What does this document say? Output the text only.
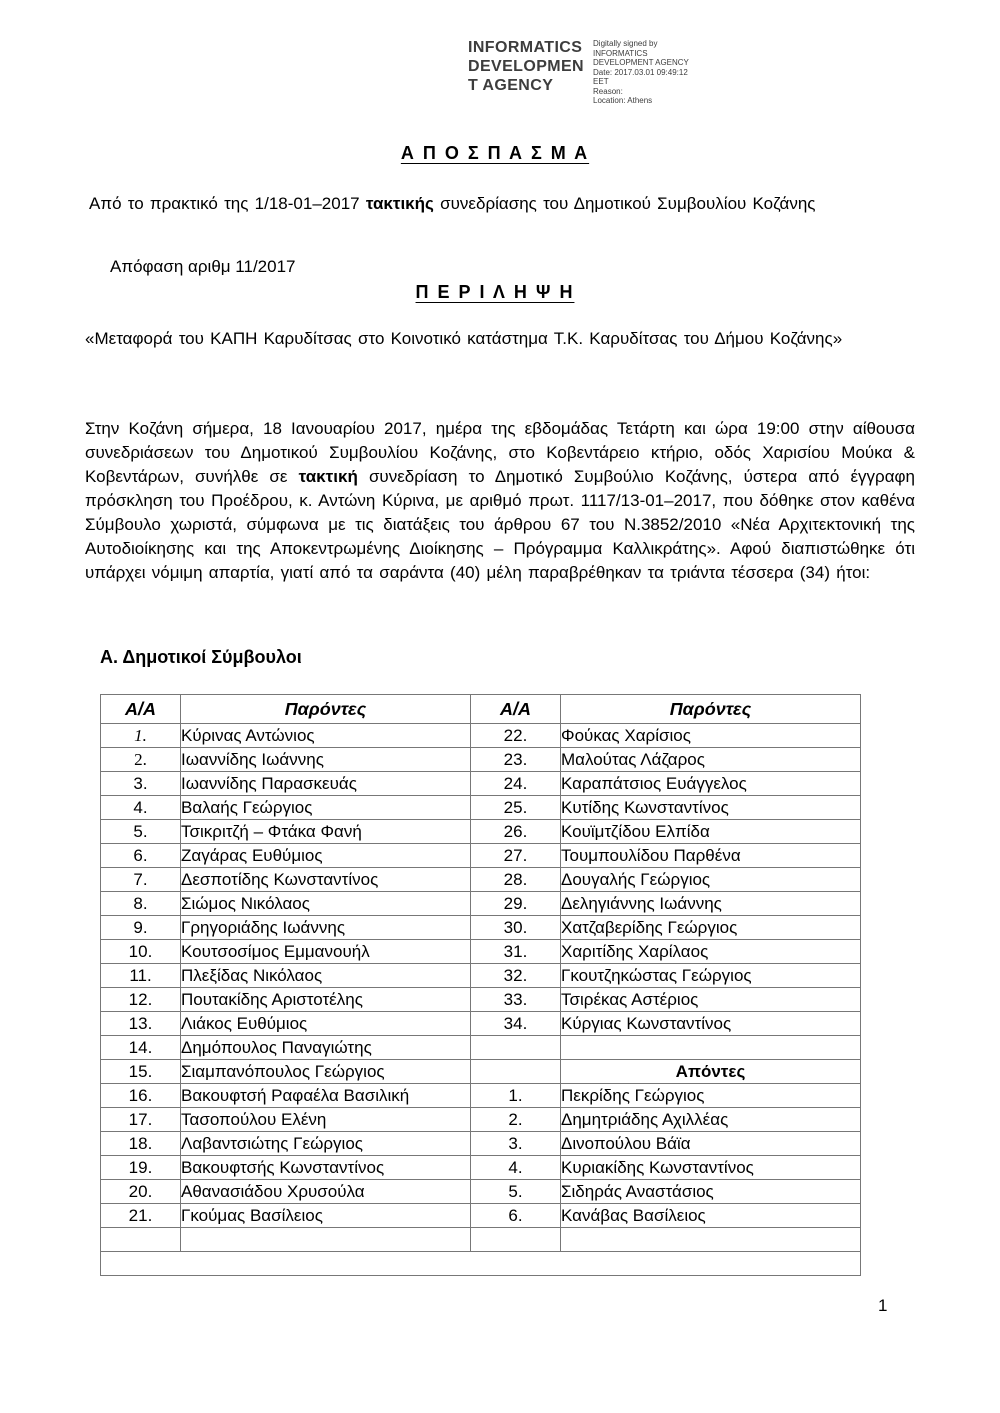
INFORMATICS
DEVELOPMEN
T AGENCY
Digitally signed by
INFORMATICS
DEVELOPMENT AGENCY
Date: 2017.03.01 09:49:12
EET
Reason:
Location: Athens
Α Π Ο Σ Π Α Σ Μ Α

Από το πρακτικό της 1/18-01–2017 τακτικής συνεδρίασης του Δημοτικού Συμβουλίου Κοζάνης

Απόφαση αριθμ 11/2017
Π Ε Ρ Ι Λ Η Ψ Η

«Μεταφορά του ΚΑΠΗ Καρυδίτσας στο Κοινοτικό κατάστημα Τ.Κ. Καρυδίτσας του Δήμου Κοζάνης»

Στην Κοζάνη σήμερα, 18 Ιανουαρίου 2017, ημέρα της εβδομάδας Τετάρτη και ώρα 19:00 στην αίθουσα συνεδριάσεων του Δημοτικού Συμβουλίου Κοζάνης, στο Κοβεντάρειο κτήριο, οδός Χαρισίου Μούκα & Κοβεντάρων, συνήλθε σε τακτική συνεδρίαση το Δημοτικό Συμβούλιο Κοζάνης, ύστερα από έγγραφη πρόσκληση του Προέδρου, κ. Αντώνη Κύρινα, με αριθμό πρωτ. 1117/13-01–2017, που δόθηκε στον καθένα Σύμβουλο χωριστά, σύμφωνα με τις διατάξεις του άρθρου 67 του Ν.3852/2010 «Νέα Αρχιτεκτονική της Αυτοδιοίκησης και της Αποκεντρωμένης Διοίκησης – Πρόγραμμα Καλλικράτης». Αφού διαπιστώθηκε ότι υπάρχει νόμιμη απαρτία, γιατί από τα σαράντα (40) μέλη παραβρέθηκαν τα τριάντα τέσσερα (34) ήτοι:

Α. Δημοτικοί Σύμβουλοι
Α/Α	Παρόντες	Α/Α	Παρόντες
1.	Κύρινας Αντώνιος	22.	Φούκας Χαρίσιος
2.	Ιωαννίδης Ιωάννης	23.	Μαλούτας Λάζαρος
3.	Ιωαννίδης Παρασκευάς	24.	Καραπάτσιος Ευάγγελος
4.	Βαλαής Γεώργιος	25.	Κυτίδης Κωνσταντίνος
5.	Τσικριτζή – Φτάκα Φανή	26.	Κουϊμτζίδου Ελπίδα
6.	Ζαγάρας Ευθύμιος	27.	Τουμπουλίδου Παρθένα
7.	Δεσποτίδης Κωνσταντίνος	28.	Δουγαλής Γεώργιος
8.	Σιώμος Νικόλαος	29.	Δεληγιάννης Ιωάννης
9.	Γρηγοριάδης Ιωάννης	30.	Χατζαβερίδης Γεώργιος
10.	Κουτσοσίμος Εμμανουήλ	31.	Χαριτίδης Χαρίλαος
11.	Πλεξίδας Νικόλαος	32.	Γκουτζηκώστας Γεώργιος
12.	Πουτακίδης Αριστοτέλης	33.	Τσιρέκας Αστέριος
13.	Λιάκος Ευθύμιος	34.	Κύργιας Κωνσταντίνος
14.	Δημόπουλος Παναγιώτης		
15.	Σιαμπανόπουλος Γεώργιος		Απόντες
16.	Βακουφτσή Ραφαέλα Βασιλική	1.	Πεκρίδης Γεώργιος
17.	Τασοπούλου Ελένη	2.	Δημητριάδης Αχιλλέας
18.	Λαβαντσιώτης Γεώργιος	3.	Δινοπούλου Βάϊα
19.	Βακουφτσής Κωνσταντίνος	4.	Κυριακίδης Κωνσταντίνος
20.	Αθανασιάδου Χρυσούλα	5.	Σιδηράς Αναστάσιος
21.	Γκούμας Βασίλειος	6.	Κανάβας Βασίλειος

1
